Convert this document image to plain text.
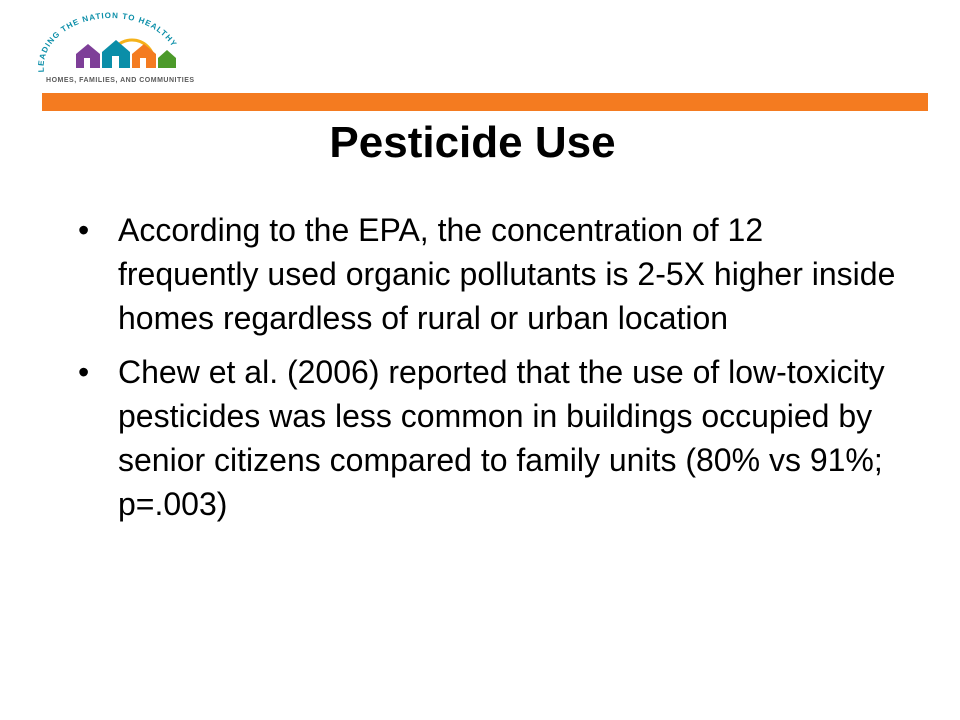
LEADING THE NATION TO HEALTHY
HOMES, FAMILIES, AND COMMUNITIES
Pesticide Use
• According to the EPA, the concentration of 12 frequently used organic pollutants is 2-5X higher inside homes regardless of rural or urban location
• Chew et al. (2006) reported that the use of low-toxicity pesticides was less common in buildings occupied by senior citizens compared to family units (80% vs 91%; p=.003)
